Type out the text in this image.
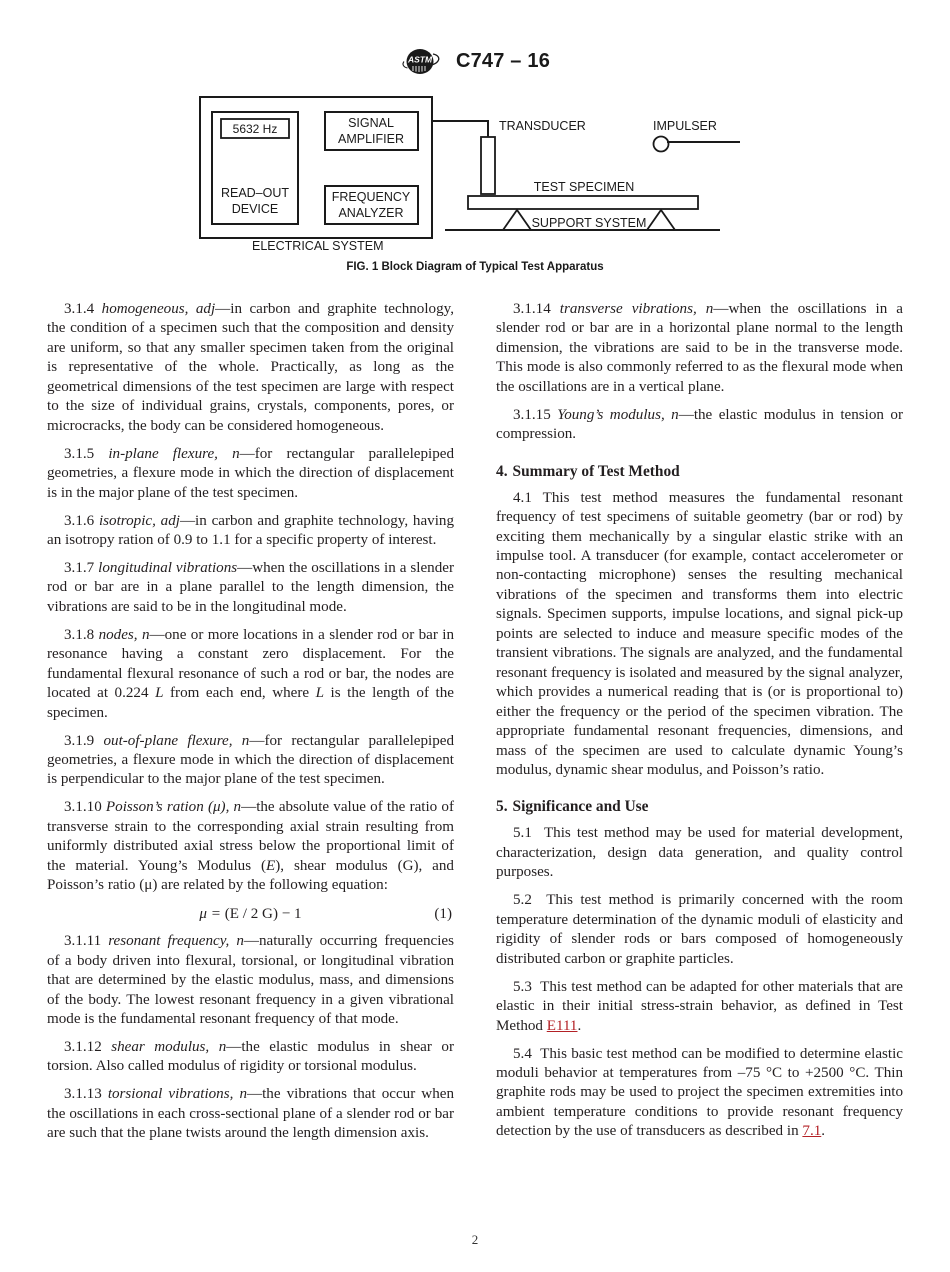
ASTM C747 – 16
5632 Hz
READ–OUT
DEVICE
SIGNAL
AMPLIFIER
FREQUENCY
ANALYZER
TEST SPECIMEN
SUPPORT SYSTEM
TRANSDUCER	IMPULSER
ELECTRICAL SYSTEM
FIG. 1 Block Diagram of Typical Test Apparatus

3.1.4 homogeneous, adj—in carbon and graphite technology, the condition of a specimen such that the composition and density are uniform, so that any smaller specimen taken from the original is representative of the whole. Practically, as long as the geometrical dimensions of the test specimen are large with respect to the size of individual grains, crystals, components, pores, or microcracks, the body can be considered homogeneous.

3.1.5 in-plane flexure, n—for rectangular parallelepiped geometries, a flexure mode in which the direction of displacement is in the major plane of the test specimen.

3.1.6 isotropic, adj—in carbon and graphite technology, having an isotropy ration of 0.9 to 1.1 for a specific property of interest.

3.1.7 longitudinal vibrations—when the oscillations in a slender rod or bar are in a plane parallel to the length dimension, the vibrations are said to be in the longitudinal mode.

3.1.8 nodes, n—one or more locations in a slender rod or bar in resonance having a constant zero displacement. For the fundamental flexural resonance of such a rod or bar, the nodes are located at 0.224 L from each end, where L is the length of the specimen.

3.1.9 out-of-plane flexure, n—for rectangular parallelepiped geometries, a flexure mode in which the direction of displacement is perpendicular to the major plane of the test specimen.

3.1.10 Poisson’s ration (μ), n—the absolute value of the ratio of transverse strain to the corresponding axial strain resulting from uniformly distributed axial stress below the proportional limit of the material. Young’s Modulus (E), shear modulus (G), and Poisson’s ratio (μ) are related by the following equation:

μ = (E / 2 G) − 1	(1)

3.1.11 resonant frequency, n—naturally occurring frequencies of a body driven into flexural, torsional, or longitudinal vibration that are determined by the elastic modulus, mass, and dimensions of the body. The lowest resonant frequency in a given vibrational mode is the fundamental resonant frequency of that mode.

3.1.12 shear modulus, n—the elastic modulus in shear or torsion. Also called modulus of rigidity or torsional modulus.

3.1.13 torsional vibrations, n—the vibrations that occur when the oscillations in each cross-sectional plane of a slender rod or bar are such that the plane twists around the length dimension axis.

3.1.14 transverse vibrations, n—when the oscillations in a slender rod or bar are in a horizontal plane normal to the length dimension, the vibrations are said to be in the transverse mode. This mode is also commonly referred to as the flexural mode when the oscillations are in a vertical plane.

3.1.15 Young’s modulus, n—the elastic modulus in tension or compression.

4. Summary of Test Method

4.1 This test method measures the fundamental resonant frequency of test specimens of suitable geometry (bar or rod) by exciting them mechanically by a singular elastic strike with an impulse tool. A transducer (for example, contact accelerometer or non-contacting microphone) senses the resulting mechanical vibrations of the specimen and transforms them into electric signals. Specimen supports, impulse locations, and signal pick-up points are selected to induce and measure specific modes of the transient vibrations. The signals are analyzed, and the fundamental resonant frequency is isolated and measured by the signal analyzer, which provides a numerical reading that is (or is proportional to) either the frequency or the period of the specimen vibration. The appropriate fundamental resonant frequencies, dimensions, and mass of the specimen are used to calculate dynamic Young’s modulus, dynamic shear modulus, and Poisson’s ratio.

5. Significance and Use

5.1 This test method may be used for material development, characterization, design data generation, and quality control purposes.

5.2 This test method is primarily concerned with the room temperature determination of the dynamic moduli of elasticity and rigidity of slender rods or bars composed of homogeneously distributed carbon or graphite particles.

5.3 This test method can be adapted for other materials that are elastic in their initial stress-strain behavior, as defined in Test Method E111.

5.4 This basic test method can be modified to determine elastic moduli behavior at temperatures from –75 °C to +2500 °C. Thin graphite rods may be used to project the specimen extremities into ambient temperature conditions to provide resonant frequency detection by the use of transducers as described in 7.1.

2
